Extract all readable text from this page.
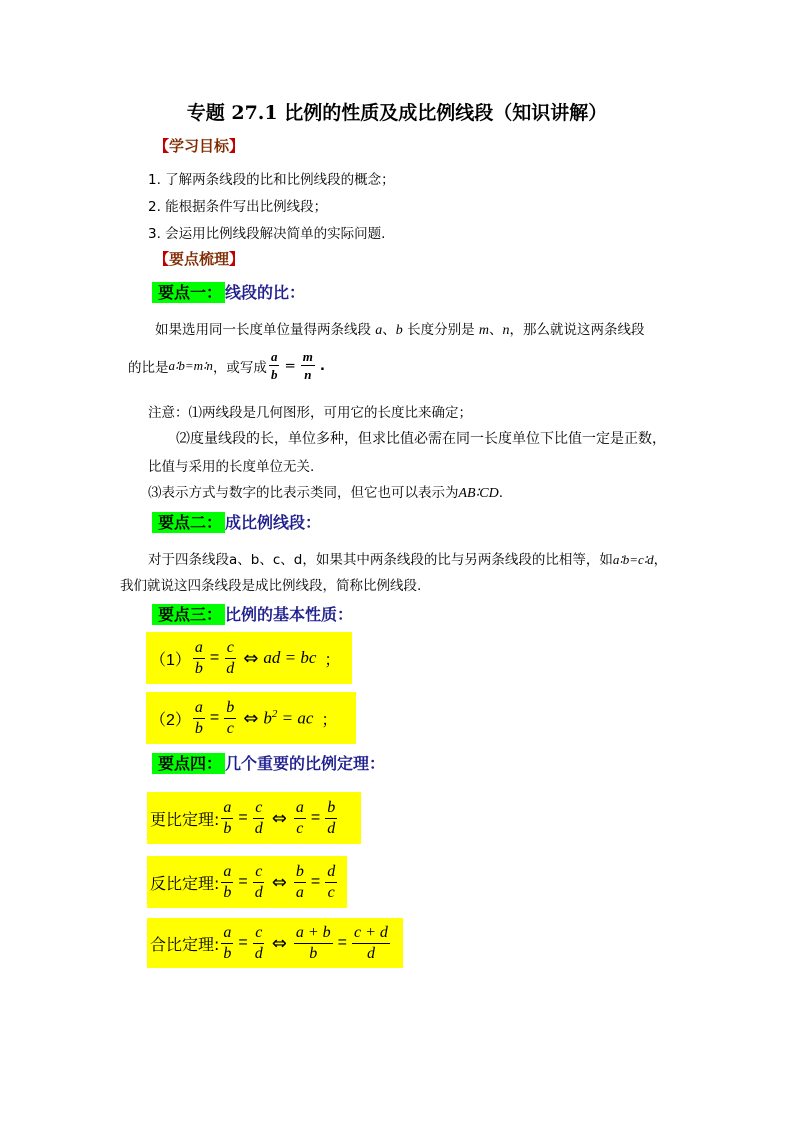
专题 27.1 比例的性质及成比例线段（知识讲解）
【学习目标】
1. 了解两条线段的比和比例线段的概念；
2. 能根据条件写出比例线段；
3. 会运用比例线段解决简单的实际问题.
【要点梳理】
要点一： 线段的比：
如果选用同一长度单位量得两条线段 a、b 长度分别是 m、n，那么就说这两条线段
的比是 a∶b=m∶n ，或写成 $\frac{a}{b} = \frac{m}{n}$ .
注意：⑴两线段是几何图形，可用它的长度比来确定；
⑵度量线段的长，单位多种，但求比值必需在同一长度单位下比值一定是正数，
比值与采用的长度单位无关.
⑶表示方式与数字的比表示类同，但它也可以表示为AB∶CD.
要点二： 成比例线段：
对于四条线段a、b、c、d，如果其中两条线段的比与另两条线段的比相等，如a∶b=c∶d，
我们就说这四条线段是成比例线段，简称比例线段.
要点三： 比例的基本性质：
$(1) \frac{a}{b} = \frac{c}{d}$ ⇔ ad = bc ；
$(2) \frac{a}{b} = \frac{b}{c}$ ⇔ $b^2$ = ac ；
要点四： 几个重要的比例定理：
更比定理: $\frac{a}{b} = \frac{c}{d}$ ⇔ $\frac{a}{c} = \frac{b}{d}$
反比定理: $\frac{a}{b} = \frac{c}{d}$ ⇔ $\frac{b}{a} = \frac{d}{c}$
合比定理: $\frac{a}{b} = \frac{c}{d}$ ⇔ $\frac{a + b}{b} = \frac{c + d}{d}$
